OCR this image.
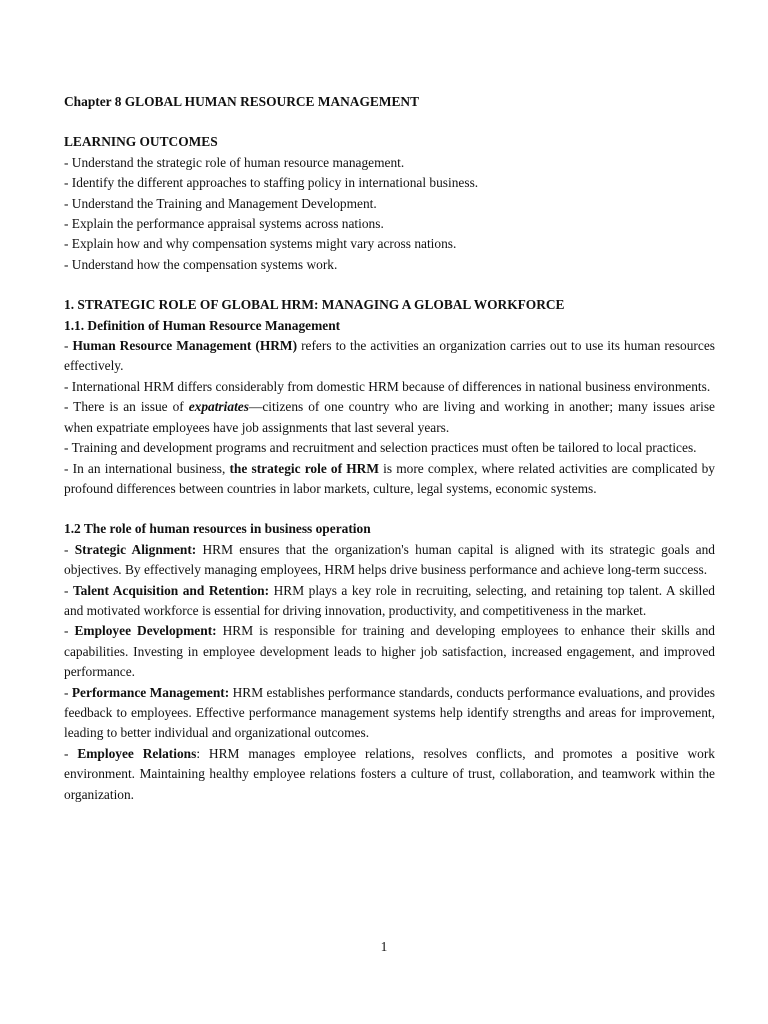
Chapter 8 GLOBAL HUMAN RESOURCE MANAGEMENT

LEARNING OUTCOMES

- Understand the strategic role of human resource management.

- Identify the different approaches to staffing policy in international business.

- Understand the Training and Management Development.

- Explain the performance appraisal systems across nations.

- Explain how and why compensation systems might vary across nations.

- Understand how the compensation systems work.

1. STRATEGIC ROLE OF GLOBAL HRM: MANAGING A GLOBAL WORKFORCE

1.1. Definition of Human Resource Management

- Human Resource Management (HRM) refers to the activities an organization carries out to use its human resources effectively.

- International HRM differs considerably from domestic HRM because of differences in national business environments.

- There is an issue of expatriates—citizens of one country who are living and working in another; many issues arise when expatriate employees have job assignments that last several years.

- Training and development programs and recruitment and selection practices must often be tailored to local practices.

- In an international business, the strategic role of HRM is more complex, where related activities are complicated by profound differences between countries in labor markets, culture, legal systems, economic systems.

1.2 The role of human resources in business operation

- Strategic Alignment: HRM ensures that the organization's human capital is aligned with its strategic goals and objectives. By effectively managing employees, HRM helps drive business performance and achieve long-term success.

- Talent Acquisition and Retention: HRM plays a key role in recruiting, selecting, and retaining top talent. A skilled and motivated workforce is essential for driving innovation, productivity, and competitiveness in the market.

- Employee Development: HRM is responsible for training and developing employees to enhance their skills and capabilities. Investing in employee development leads to higher job satisfaction, increased engagement, and improved performance.

- Performance Management: HRM establishes performance standards, conducts performance evaluations, and provides feedback to employees. Effective performance management systems help identify strengths and areas for improvement, leading to better individual and organizational outcomes.

- Employee Relations: HRM manages employee relations, resolves conflicts, and promotes a positive work environment. Maintaining healthy employee relations fosters a culture of trust, collaboration, and teamwork within the organization.

1
